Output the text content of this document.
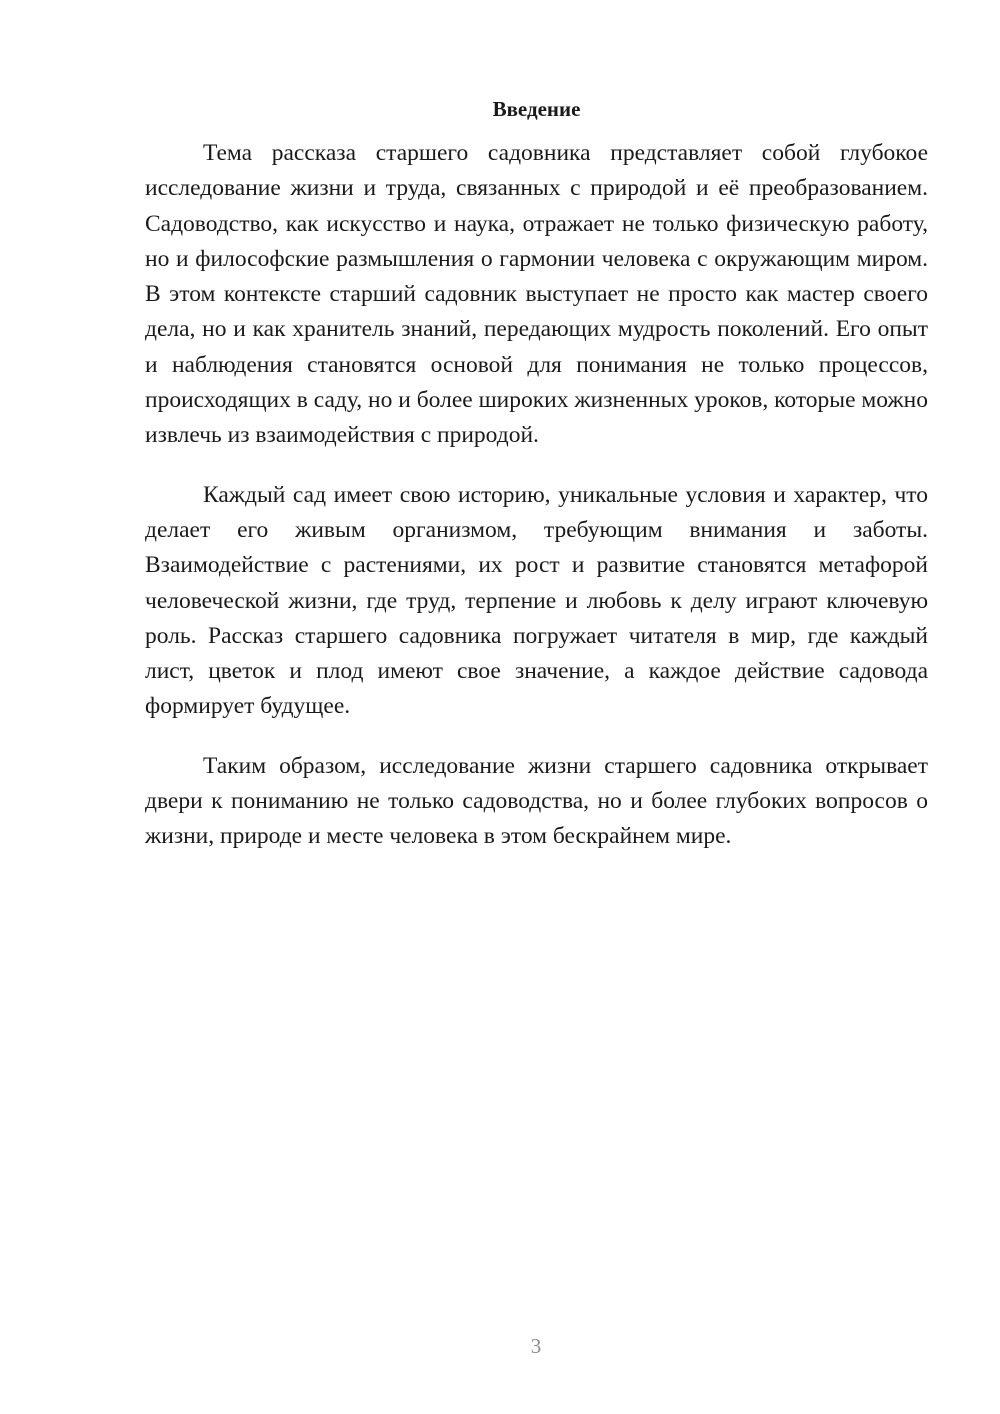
Введение

Тема рассказа старшего садовника представляет собой глубокое исследование жизни и труда, связанных с природой и её преобразованием. Садоводство, как искусство и наука, отражает не только физическую работу, но и философские размышления о гармонии человека с окружающим миром. В этом контексте старший садовник выступает не просто как мастер своего дела, но и как хранитель знаний, передающих мудрость поколений. Его опыт и наблюдения становятся основой для понимания не только процессов, происходящих в саду, но и более широких жизненных уроков, которые можно извлечь из взаимодействия с природой.

Каждый сад имеет свою историю, уникальные условия и характер, что делает его живым организмом, требующим внимания и заботы. Взаимодействие с растениями, их рост и развитие становятся метафорой человеческой жизни, где труд, терпение и любовь к делу играют ключевую роль. Рассказ старшего садовника погружает читателя в мир, где каждый лист, цветок и плод имеют свое значение, а каждое действие садовода формирует будущее.

Таким образом, исследование жизни старшего садовника открывает двери к пониманию не только садоводства, но и более глубоких вопросов о жизни, природе и месте человека в этом бескрайнем мире.

3
